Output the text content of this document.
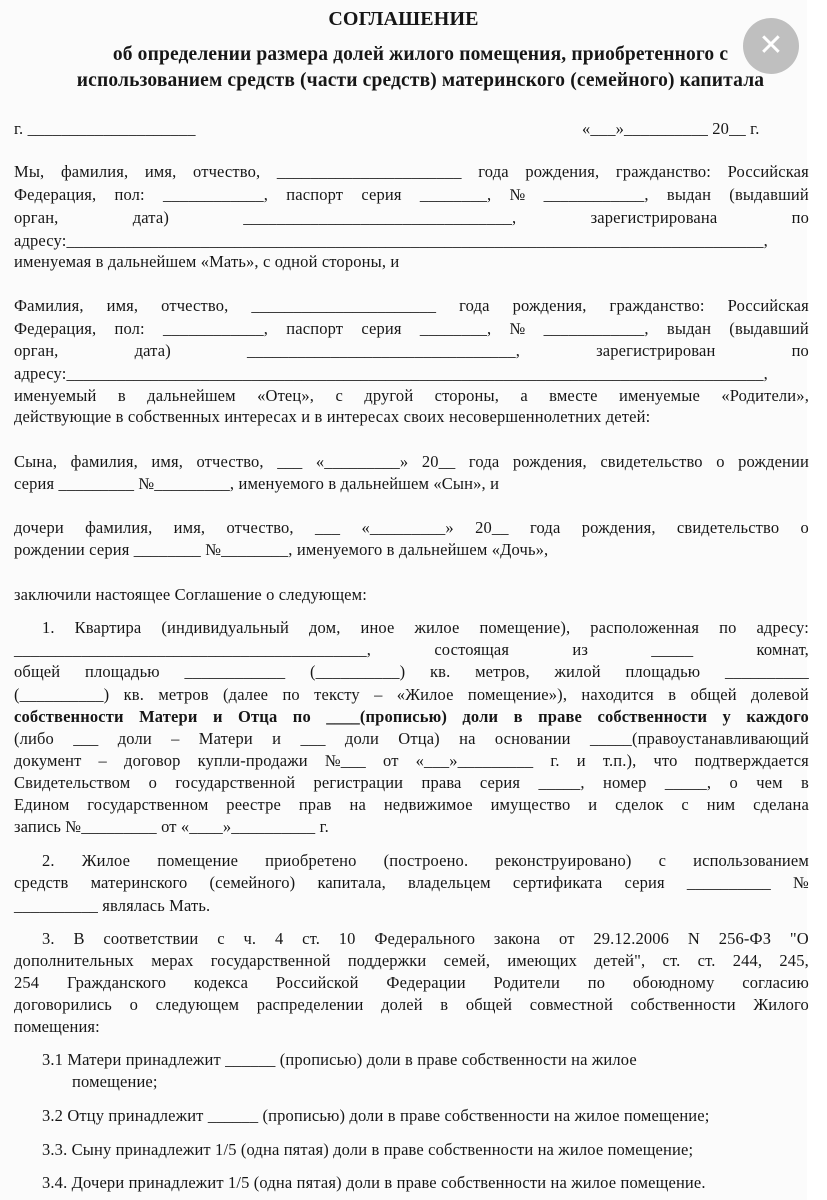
СОГЛАШЕНИЕ
об определении размера долей жилого помещения, приобретенного с
использованием средств (части средств) материнского (семейного) капитала
г. ____________________	«___»__________ 20__ г.
Мы, фамилия, имя, отчество, ______________________ года рождения, гражданство: Российская
Федерация, пол: ____________, паспорт серия ________, № ____________, выдан (выдавший
орган,	дата)	________________________________,	зарегистрирована	по
адресу:___________________________________________________________________________________,
именуемая в дальнейшем «Мать», с одной стороны, и
Фамилия, имя, отчество, ______________________ года рождения, гражданство: Российская
Федерация, пол: ____________, паспорт серия ________, № ____________, выдан (выдавший
орган,	дата)	________________________________,	зарегистрирован	по
адресу:___________________________________________________________________________________,
именуемый в дальнейшем «Отец», с другой стороны, а вместе именуемые «Родители»,
действующие в собственных интересах и в интересах своих несовершеннолетних детей:
Сына, фамилия, имя, отчество, ___ «_________» 20__ года рождения, свидетельство о рождении
серия _________ №_________, именуемого в дальнейшем «Сын», и
дочери фамилия, имя, отчество, ___ «_________» 20__ года рождения, свидетельство о
рождении серия ________ №________, именуемого в дальнейшем «Дочь»,
заключили настоящее Соглашение о следующем:
1. Квартира (индивидуальный дом, иное жилое помещение), расположенная по адресу:
__________________________________________,	состоящая	из	_____	комнат,
общей площадью ____________ (__________) кв. метров, жилой площадью __________
(__________) кв. метров (далее по тексту – «Жилое помещение»), находится в общей долевой
собственности Матери и Отца по ____(прописью) доли в праве собственности у каждого
(либо ___ доли – Матери и ___ доли Отца) на основании _____(правоустанавливающий
документ – договор купли-продажи №___ от «___»_________ г. и т.п.), что подтверждается
Свидетельством о государственной регистрации права серия _____, номер _____, о чем в
Едином государственном реестре прав на недвижимое имущество и сделок с ним сделана
запись №_________ от «____»__________ г.
2. Жилое помещение приобретено (построено. реконструировано) с использованием
средств материнского (семейного) капитала, владельцем сертификата серия __________ №
__________ являлась Мать.
3. В соответствии с ч. 4 ст. 10 Федерального закона от 29.12.2006 N 256-ФЗ "О
дополнительных мерах государственной поддержки семей, имеющих детей", ст. ст. 244, 245,
254 Гражданского кодекса Российской Федерации Родители по обоюдному согласию
договорились о следующем распределении долей в общей совместной собственности Жилого
помещения:
3.1 Матери принадлежит ______ (прописью) доли в праве собственности на жилое
помещение;
3.2 Отцу принадлежит ______ (прописью) доли в праве собственности на жилое помещение;
3.3. Сыну принадлежит 1/5 (одна пятая) доли в праве собственности на жилое помещение;
3.4. Дочери принадлежит 1/5 (одна пятая) доли в праве собственности на жилое помещение.
✕
